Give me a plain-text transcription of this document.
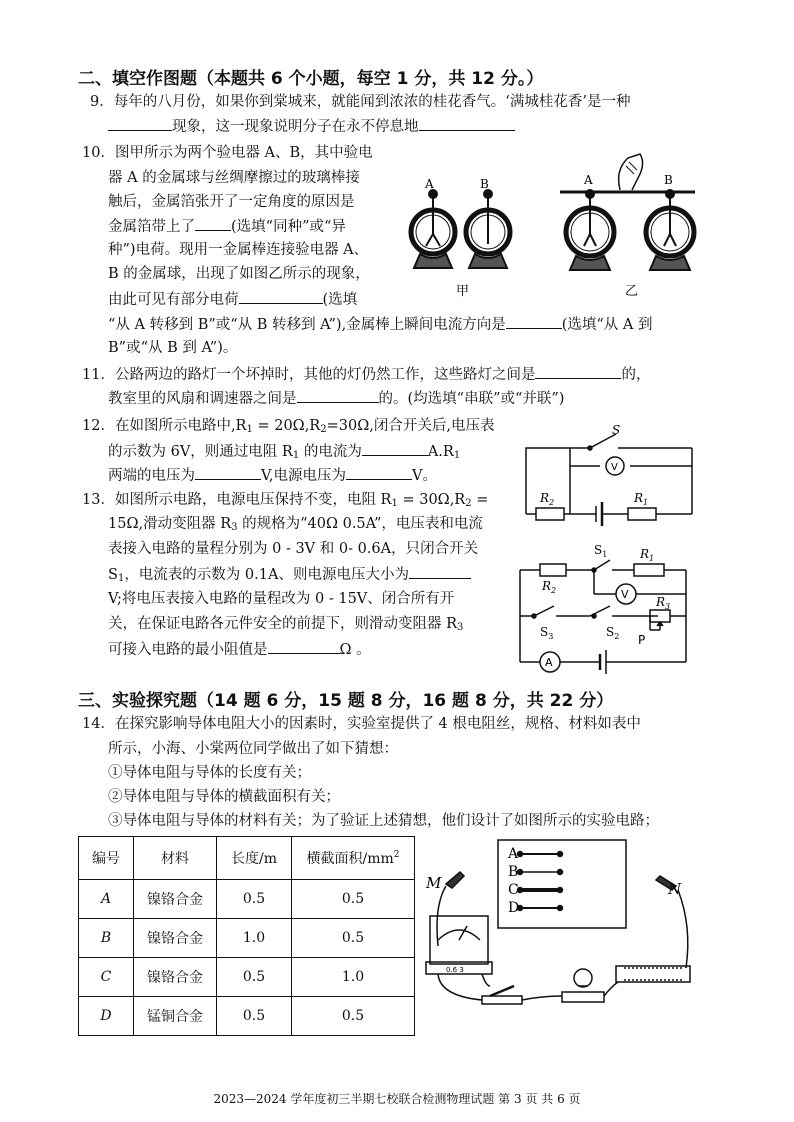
二、填空作图题（本题共 6 个小题，每空 1 分，共 12 分。）
9．每年的八月份，如果你到棠城来，就能闻到浓浓的桂花香气。‘满城桂花香’是一种
现象，这一现象说明分子在永不停息地
10．图甲所示为两个验电器 A、B，其中验电
器 A 的金属球与丝绸摩擦过的玻璃棒接
触后，金属箔张开了一定角度的原因是
金属箔带上了 (选填“同种”或“异
种”)电荷。现用一金属棒连接验电器 A、
B 的金属球，出现了如图乙所示的现象，
由此可见有部分电荷	(选填
“从 A 转移到 B”或“从 B 转移到 A”),金属棒上瞬间电流方向是	(选填“从 A 到
B”或“从 B 到 A”)。
A	B	A	B
甲	乙
11．公路两边的路灯一个坏掉时，其他的灯仍然工作，这些路灯之间是	的，
教室里的风扇和调速器之间是	的。(均选填“串联”或“并联”)
12．在如图所示电路中$,R_1 = 20\Omega,R_2=30\Omega$,闭合开关后,电压表
的示数为 6V，则通过电阻 $R_1$ 的电流为	$A.R_1$
两端的电压为	V,电源电压为	V。
S
V
$R_2$	$R_1$
13．如图所示电路，电源电压保持不变，电阻 $R_1 = 30\Omega,R_2$ =
15Ω,滑动变阻器 $R_3$ 的规格为“40Ω 0.5A”，电压表和电流
表接入电路的量程分别为 0 - 3V 和 0- 0.6A，只闭合开关
$S_1$，电流表的示数为 0.1A、则电源电压大小为
V;将电压表接入电路的量程改为 0 - 15V、闭合所有开
关，在保证电路各元件安全的前提下，则滑动变阻器 $R_3$
可接入电路的最小阻值是	Ω 。
$S_1$	$R_1$
$R_2$	V
$R_3$
$S_3$	$S_2$ P
A
三、实验探究题（14 题 6 分，15 题 8 分，16 题 8 分，共 22 分）
14．在探究影响导体电阻大小的因素时，实验室提供了 4 根电阻丝，规格、材料如表中
所示，小海、小棠两位同学做出了如下猜想：
①导体电阻与导体的长度有关；
②导体电阻与导体的横截面积有关；
③导体电阻与导体的材料有关；为了验证上述猜想，他们设计了如图所示的实验电路；
编号	材料	长度/m	横截面积$/mm^2$
A	镍铬合金	0.5	0.5
B	镍铬合金	1.0	0.5
C	镍铬合金	0.5	1.0
D	锰铜合金	0.5	0.5
A
B
C
D
M	N
0.6 3
2023—2024 学年度初三半期七校联合检测物理试题 第 3 页 共 6 页
